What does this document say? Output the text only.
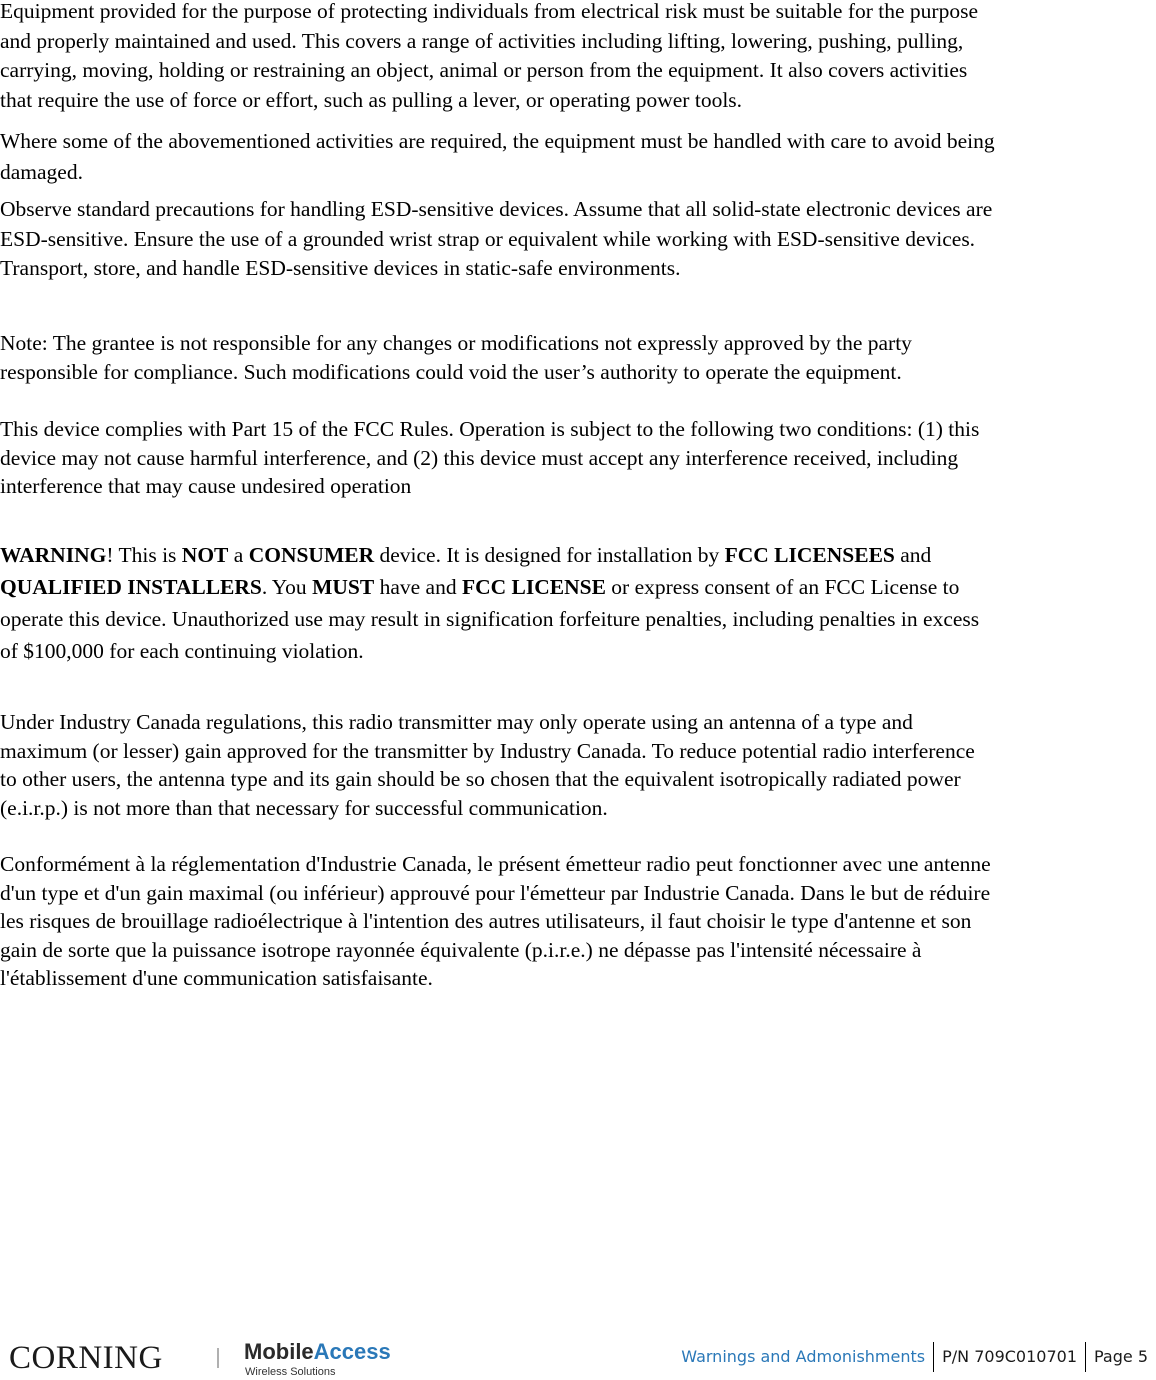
Equipment provided for the purpose of protecting individuals from electrical risk must be suitable for the purpose
and properly maintained and used. This covers a range of activities including lifting, lowering, pushing, pulling,
carrying, moving, holding or restraining an object, animal or person from the equipment. It also covers activities
that require the use of force or effort, such as pulling a lever, or operating power tools.

Where some of the abovementioned activities are required, the equipment must be handled with care to avoid being
damaged.

Observe standard precautions for handling ESD-sensitive devices. Assume that all solid-state electronic devices are
ESD-sensitive. Ensure the use of a grounded wrist strap or equivalent while working with ESD-sensitive devices.
Transport, store, and handle ESD-sensitive devices in static-safe environments.

Note: The grantee is not responsible for any changes or modifications not expressly approved by the party
responsible for compliance. Such modifications could void the user’s authority to operate the equipment.

This device complies with Part 15 of the FCC Rules. Operation is subject to the following two conditions: (1) this
device may not cause harmful interference, and (2) this device must accept any interference received, including
interference that may cause undesired operation

WARNING! This is NOT a CONSUMER device. It is designed for installation by FCC LICENSEES and
QUALIFIED INSTALLERS. You MUST have and FCC LICENSE or express consent of an FCC License to
operate this device. Unauthorized use may result in signification forfeiture penalties, including penalties in excess
of $100,000 for each continuing violation.

Under Industry Canada regulations, this radio transmitter may only operate using an antenna of a type and
maximum (or lesser) gain approved for the transmitter by Industry Canada. To reduce potential radio interference
to other users, the antenna type and its gain should be so chosen that the equivalent isotropically radiated power
(e.i.r.p.) is not more than that necessary for successful communication.

Conformément à la réglementation d'Industrie Canada, le présent émetteur radio peut fonctionner avec une antenne
d'un type et d'un gain maximal (ou inférieur) approuvé pour l'émetteur par Industrie Canada. Dans le but de réduire
les risques de brouillage radioélectrique à l'intention des autres utilisateurs, il faut choisir le type d'antenne et son
gain de sorte que la puissance isotrope rayonnée équivalente (p.i.r.e.) ne dépasse pas l'intensité nécessaire à
l'établissement d'une communication satisfaisante.

CORNING	MobileAccess
Wireless Solutions
Warnings and Admonishments	P/N 709C010701	Page 5
